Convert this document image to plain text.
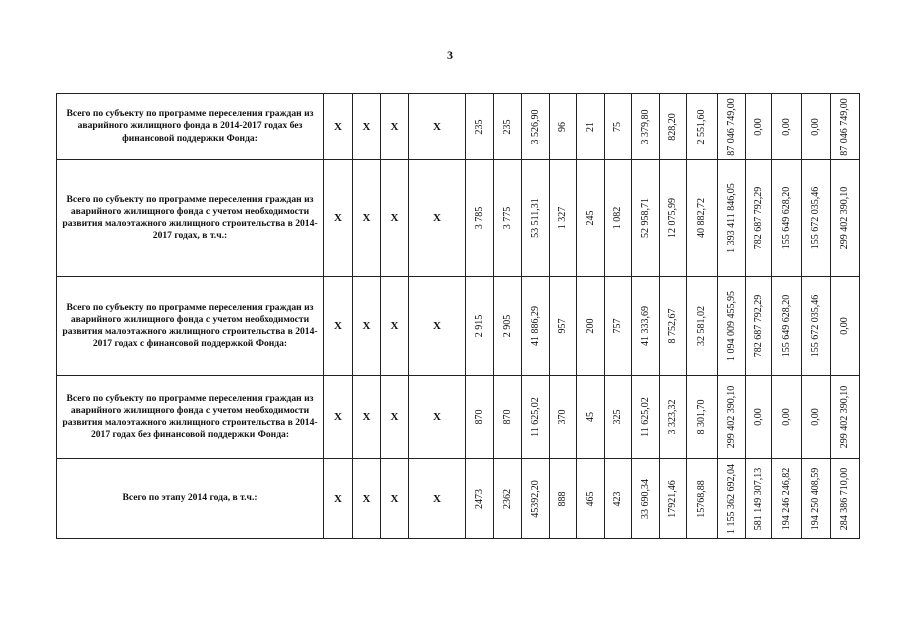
3
Всего по субъекту по программе переселения граждан из аварийного жилищного фонда в 2014-2017 годах без финансовой поддержки Фонда:	X	X	X	X	235	235	3 526,90	96	21	75	3 379,80	828,20	2 551,60	87 046 749,00	0,00	0,00	0,00	87 046 749,00

Всего по субъекту по программе переселения граждан из аварийного жилищного фонда с учетом необходимости развития малоэтажного жилищного строительства в 2014-2017 годах, в т.ч.:	X	X	X	X	3 785	3 775	53 511,31	1 327	245	1 082	52 958,71	12 075,99	40 882,72	1 393 411 846,05	782 687 792,29	155 649 628,20	155 672 035,46	299 402 390,10

Всего по субъекту по программе переселения граждан из аварийного жилищного фонда с учетом необходимости развития малоэтажного жилищного строительства в 2014-2017 годах с финансовой поддержкой Фонда:	X	X	X	X	2 915	2 905	41 886,29	957	200	757	41 333,69	8 752,67	32 581,02	1 094 009 455,95	782 687 792,29	155 649 628,20	155 672 035,46	0,00

Всего по субъекту по программе переселения граждан из аварийного жилищного фонда с учетом необходимости развития малоэтажного жилищного строительства в 2014-2017 годах без финансовой поддержки Фонда:	X	X	X	X	870	870	11 625,02	370	45	325	11 625,02	3 323,32	8 301,70	299 402 390,10	0,00	0,00	0,00	299 402 390,10

Всего по этапу 2014 года, в т.ч.:	X	X	X	X	2473	2362	45392,20	888	465	423	33 690,34	17921,46	15768,88	1 155 362 692,04	581 149 307,13	194 246 246,82	194 250 408,59	284 386 710,00
